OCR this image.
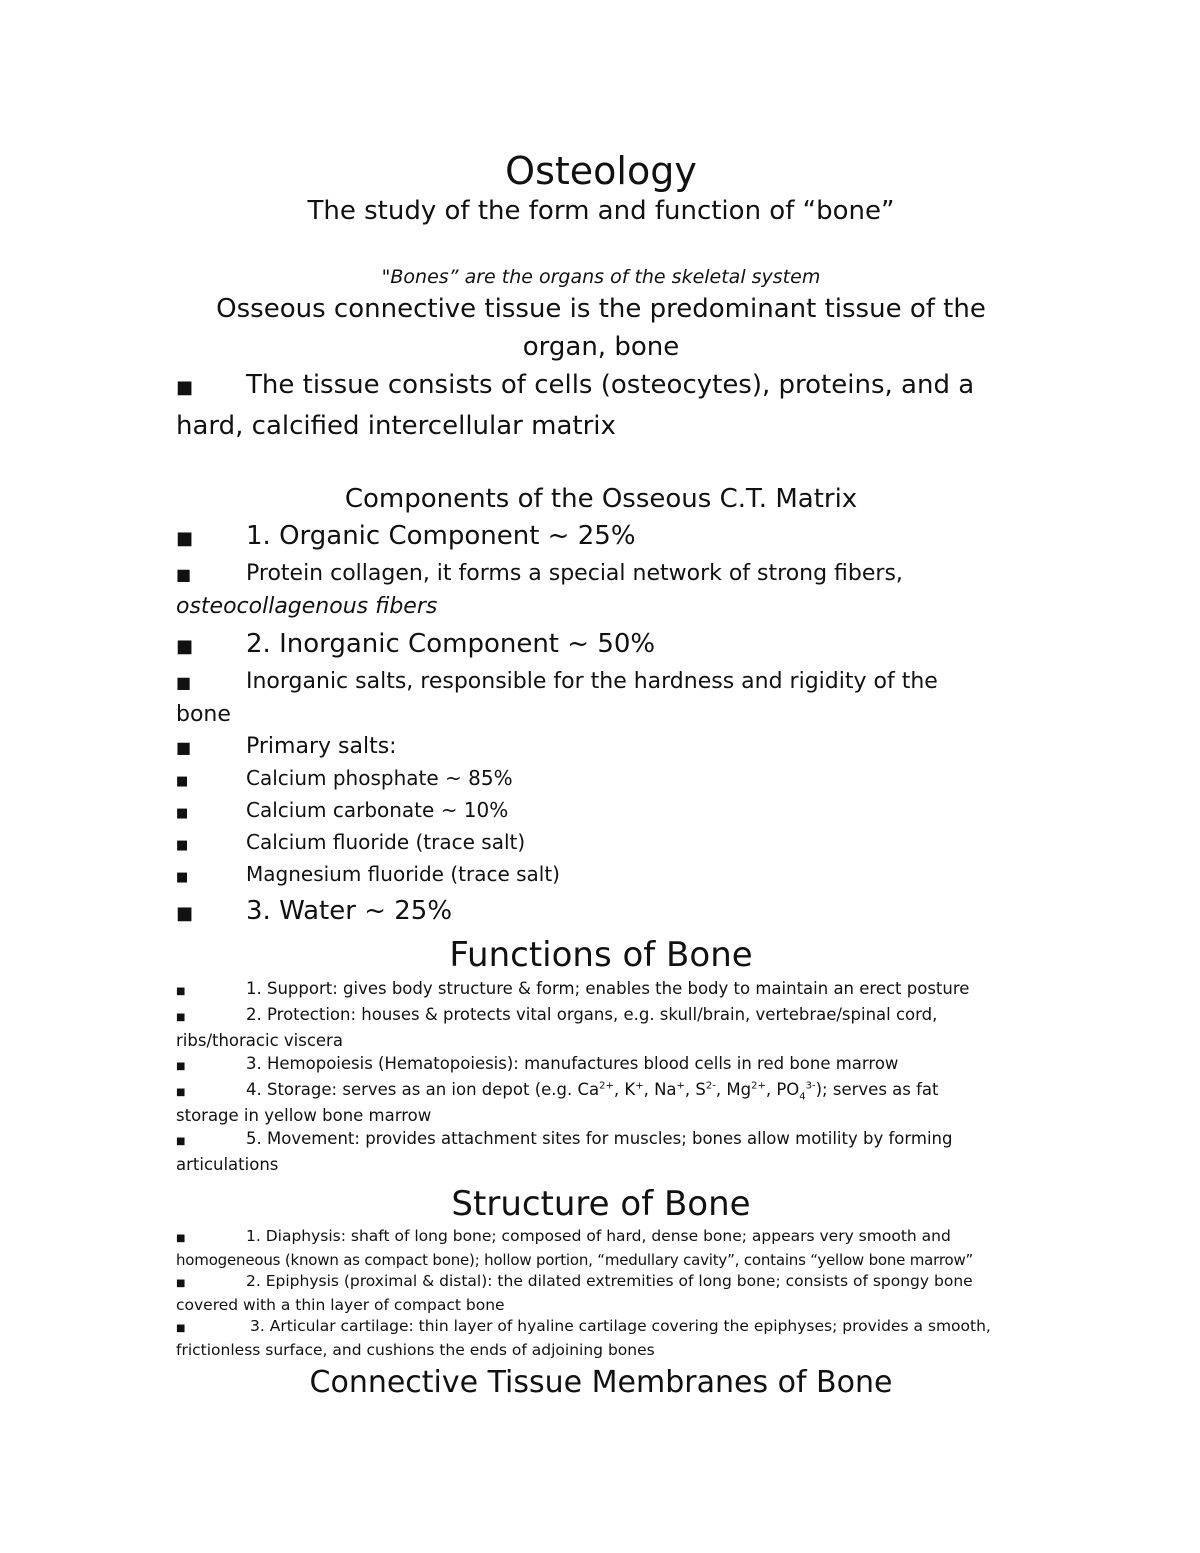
Osteology
The study of the form and function of “bone”
"Bones” are the organs of the skeletal system
Osseous connective tissue is the predominant tissue of the
organ, bone
■ The tissue consists of cells (osteocytes), proteins, and a
hard, calcified intercellular matrix
Components of the Osseous C.T. Matrix
■ 1. Organic Component ~ 25%
■ Protein collagen, it forms a special network of strong fibers,
osteocollagenous fibers
■ 2. Inorganic Component ~ 50%
■ Inorganic salts, responsible for the hardness and rigidity of the
bone
■ Primary salts:
■	Calcium phosphate ~ 85%
■	Calcium carbonate ~ 10%
■	Calcium fluoride (trace salt)
■	Magnesium fluoride (trace salt)
■ 3. Water ~ 25%
Functions of Bone
■	1. Support: gives body structure & form; enables the body to maintain an erect posture
■	2. Protection: houses & protects vital organs, e.g. skull/brain, vertebrae/spinal cord,
ribs/thoracic viscera
■	3. Hemopoiesis (Hematopoiesis): manufactures blood cells in red bone marrow
■	4. Storage: serves as an ion depot (e.g. $Ca^{2+}$, K+, Na+, $S^{2-}$, $Mg^{2+}$, $PO_4^{3-}$); serves as fat
storage in yellow bone marrow
■	5. Movement: provides attachment sites for muscles; bones allow motility by forming
articulations
Structure of Bone
■	1. Diaphysis: shaft of long bone; composed of hard, dense bone; appears very smooth and
homogeneous (known as compact bone); hollow portion, “medullary cavity”, contains “yellow bone marrow”
■	2. Epiphysis (proximal & distal): the dilated extremities of long bone; consists of spongy bone
covered with a thin layer of compact bone
■	3. Articular cartilage: thin layer of hyaline cartilage covering the epiphyses; provides a smooth,
frictionless surface, and cushions the ends of adjoining bones
Connective Tissue Membranes of Bone
